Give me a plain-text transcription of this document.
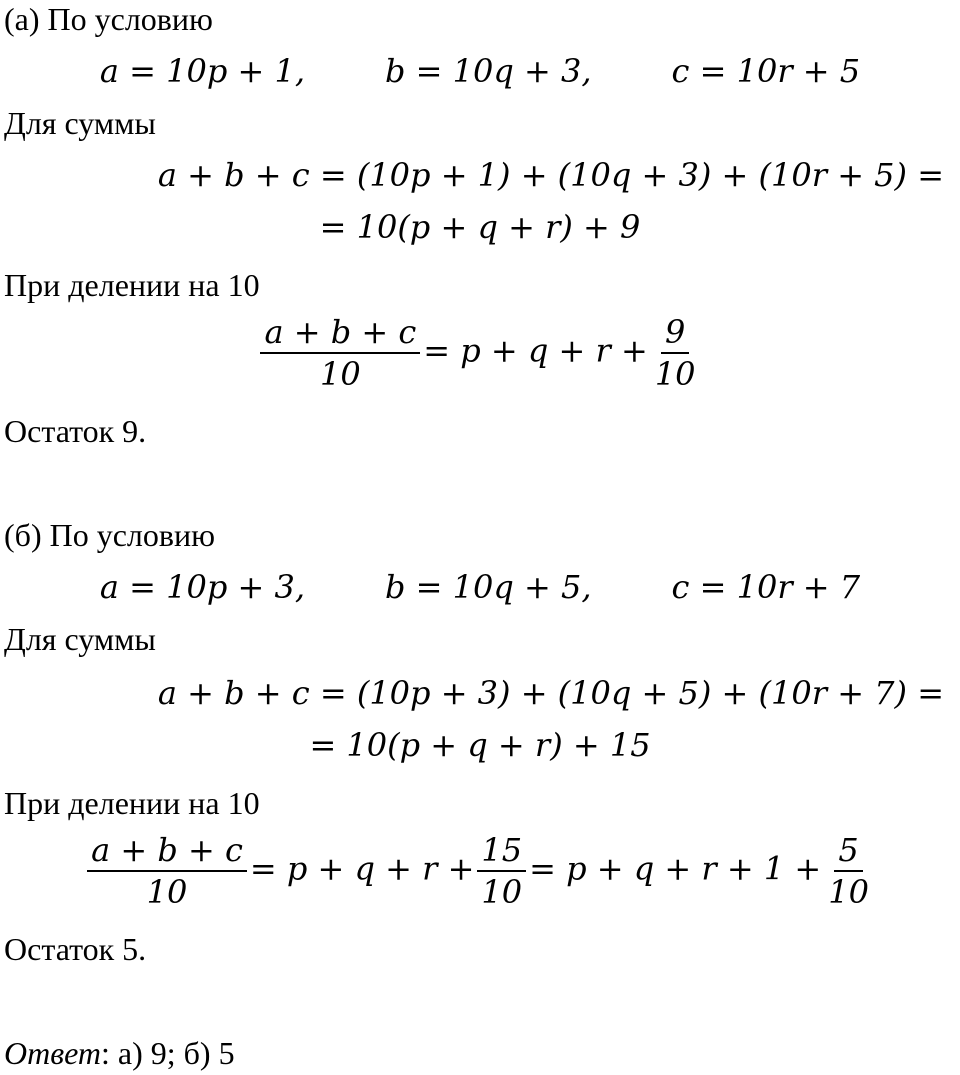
(а) По условию
a = 10p + 1,	b = 10q + 3,	c = 10r + 5
Для суммы
a + b + c = (10p + 1) + (10q + 3) + (10r + 5) =
= 10(p + q + r) + 9
При делении на 10
$\frac{a + b + c}{10} = p + q + r + \frac{9}{10}$
Остаток 9.
(б) По условию
a = 10p + 3,	b = 10q + 5,	c = 10r + 7
Для суммы
a + b + c = (10p + 3) + (10q + 5) + (10r + 7) =
= 10(p + q + r) + 15
При делении на 10
$\frac{a + b + c}{10} = p + q + r + \frac{15}{10} = p + q + r + 1 + \frac{5}{10}$
Остаток 5.
Ответ: а) 9; б) 5
